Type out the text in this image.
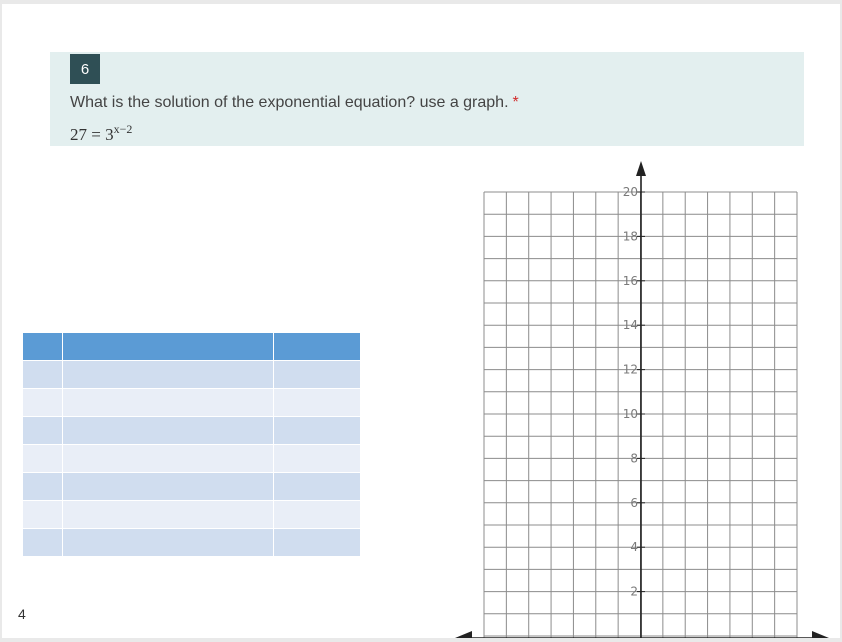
6
What is the solution of the exponential equation? use a graph. *
$27 = 3^{x-2}$

2
4
6
8
10
12
14
16
18
20
4
